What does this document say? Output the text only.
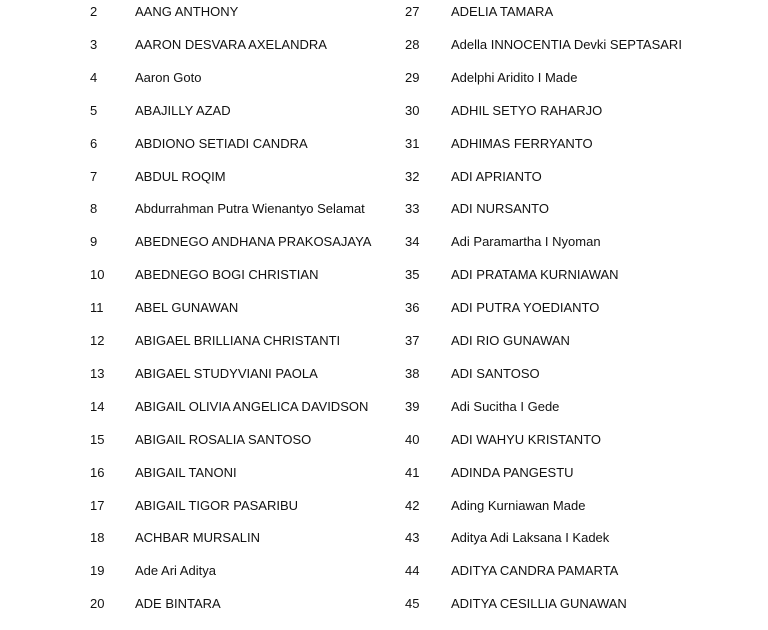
2	AANG ANTHONY
3	AARON DESVARA AXELANDRA
4	Aaron Goto
5	ABAJILLY AZAD
6	ABDIONO SETIADI CANDRA
7	ABDUL ROQIM
8	Abdurrahman Putra Wienantyo Selamat
9	ABEDNEGO ANDHANA PRAKOSAJAYA
10 ABEDNEGO BOGI CHRISTIAN
11 ABEL GUNAWAN
12 ABIGAEL BRILLIANA CHRISTANTI
13 ABIGAEL STUDYVIANI PAOLA
14 ABIGAIL OLIVIA ANGELICA DAVIDSON
15 ABIGAIL ROSALIA SANTOSO
16 ABIGAIL TANONI
17 ABIGAIL TIGOR PASARIBU
18 ACHBAR MURSALIN
19 Ade Ari Aditya
20 ADE BINTARA
27 ADELIA TAMARA
28 Adella INNOCENTIA Devki SEPTASARI
29 Adelphi Aridito I Made
30 ADHIL SETYO RAHARJO
31 ADHIMAS FERRYANTO
32 ADI APRIANTO
33 ADI NURSANTO
34 Adi Paramartha I Nyoman
35 ADI PRATAMA KURNIAWAN
36 ADI PUTRA YOEDIANTO
37 ADI RIO GUNAWAN
38 ADI SANTOSO
39 Adi Sucitha I Gede
40 ADI WAHYU KRISTANTO
41 ADINDA PANGESTU
42 Ading Kurniawan Made
43 Aditya Adi Laksana I Kadek
44 ADITYA CANDRA PAMARTA
45 ADITYA CESILLIA GUNAWAN
